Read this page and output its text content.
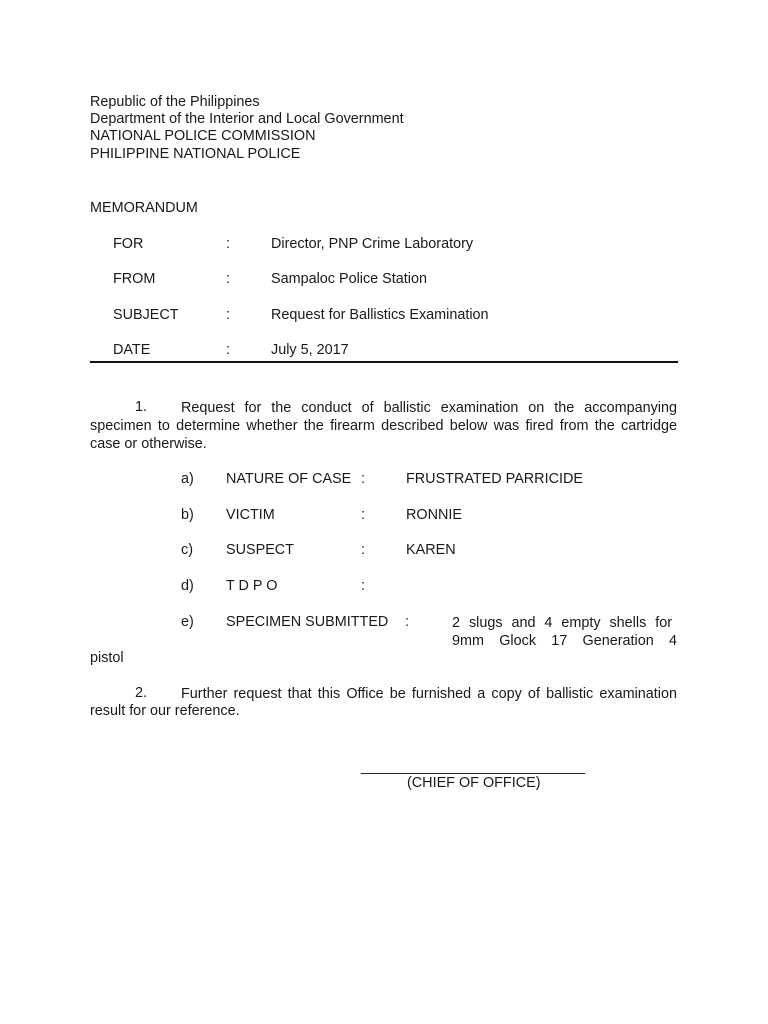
Republic of the Philippines
Department of the Interior and Local Government
NATIONAL POLICE COMMISSION
PHILIPPINE NATIONAL POLICE
MEMORANDUM
FOR	:	Director, PNP Crime Laboratory
FROM	:	Sampaloc Police Station
SUBJECT	:	Request for Ballistics Examination
DATE	:	July 5, 2017
1. Request for the conduct of ballistic examination on the accompanying
specimen to determine whether the firearm described below was fired from the cartridge
case or otherwise.
a) NATURE OF CASE :	FRUSTRATED PARRICIDE
b) VICTIM	:	RONNIE
c) SUSPECT	:	KAREN
d) T D P O	:
e) SPECIMEN SUBMITTED :	2 slugs and 4 empty shells for
9mm Glock 17 Generation 4
pistol
2. Further request that this Office be furnished a copy of ballistic examination
result for our reference.
____________________________
(CHIEF OF OFFICE)
